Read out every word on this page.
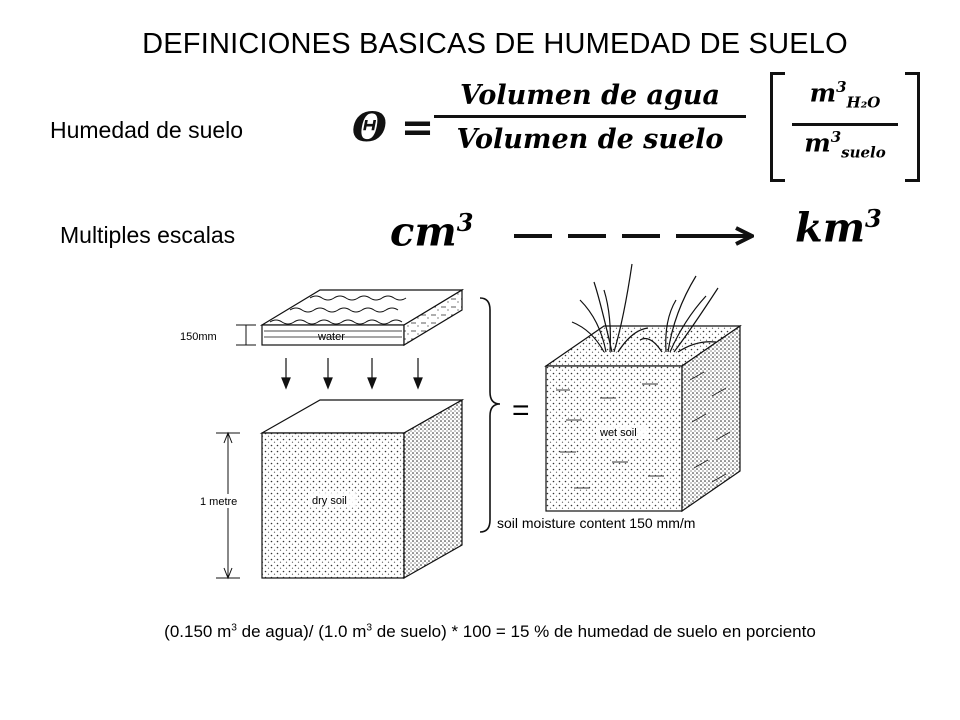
DEFINICIONES BASICAS DE HUMEDAD DE SUELO
Humedad de suelo	Θ =
Volumen de agua
Volumen de suelo
$m^3_{H_2O}$
$m^3_{suelo}$
Multiples escalas	$cm^3$	$km^3$
water
150mm
dry soil
1 metre
=
wet soil
soil moisture content 150 mm/m
(0.150 $m^3$ de agua)/ (1.0 $m^3$ de suelo) * 100 = 15 % de humedad de suelo en porciento
